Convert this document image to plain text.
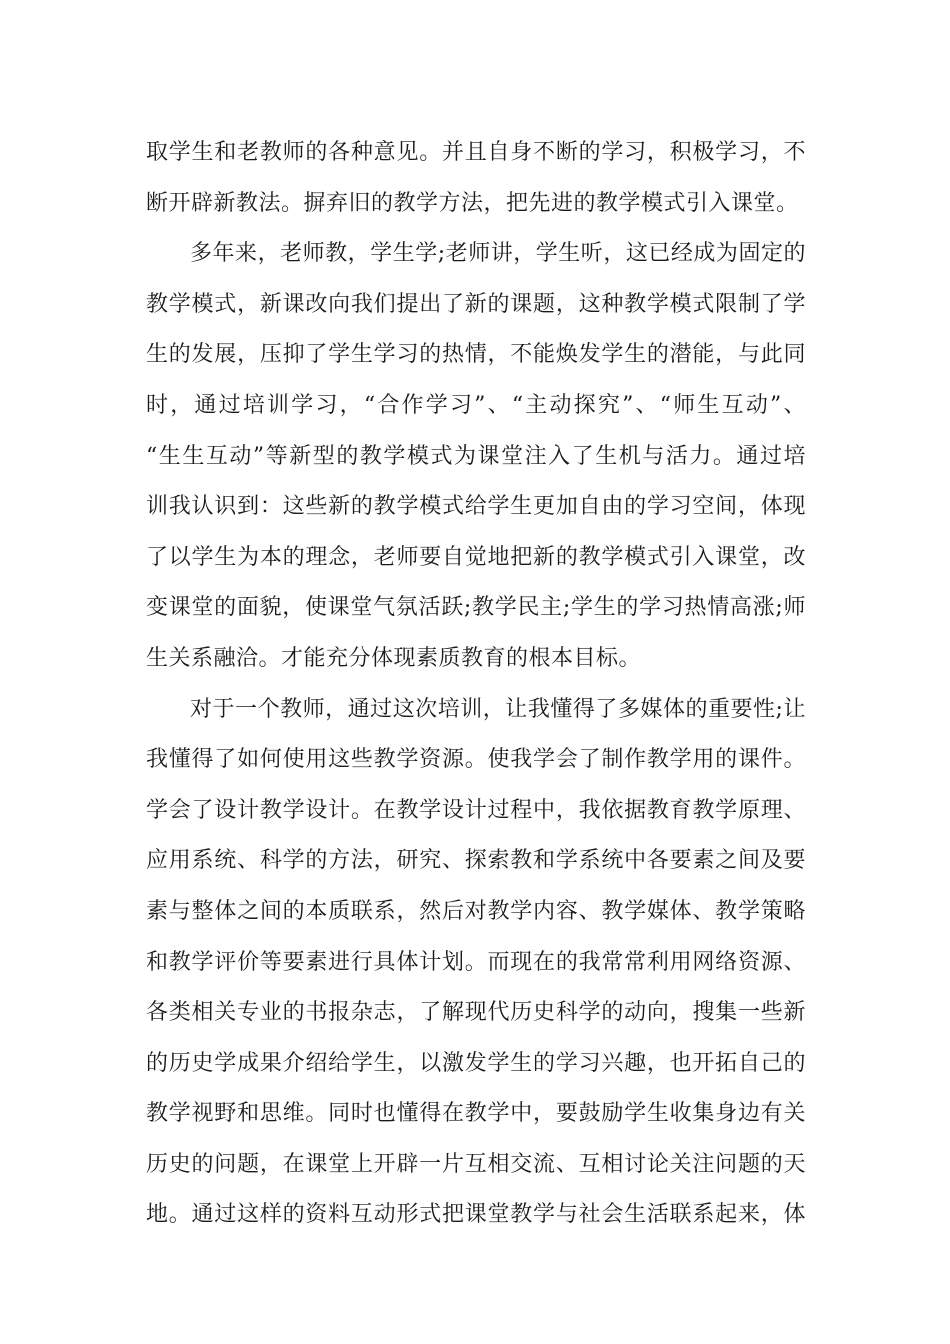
取学生和老教师的各种意见。并且自身不断的学习，积极学习，不
断开辟新教法。摒弃旧的教学方法，把先进的教学模式引入课堂。
多年来，老师教，学生学;老师讲，学生听，这已经成为固定的
教学模式，新课改向我们提出了新的课题，这种教学模式限制了学
生的发展，压抑了学生学习的热情，不能焕发学生的潜能，与此同
时，通过培训学习，“合作学习”、“主动探究”、“师生互动”、
“生生互动”等新型的教学模式为课堂注入了生机与活力。通过培
训我认识到：这些新的教学模式给学生更加自由的学习空间，体现
了以学生为本的理念，老师要自觉地把新的教学模式引入课堂，改
变课堂的面貌，使课堂气氛活跃;教学民主;学生的学习热情高涨;师
生关系融洽。才能充分体现素质教育的根本目标。
对于一个教师，通过这次培训，让我懂得了多媒体的重要性;让
我懂得了如何使用这些教学资源。使我学会了制作教学用的课件。
学会了设计教学设计。在教学设计过程中，我依据教育教学原理、
应用系统、科学的方法，研究、探索教和学系统中各要素之间及要
素与整体之间的本质联系，然后对教学内容、教学媒体、教学策略
和教学评价等要素进行具体计划。而现在的我常常利用网络资源、
各类相关专业的书报杂志，了解现代历史科学的动向，搜集一些新
的历史学成果介绍给学生，以激发学生的学习兴趣，也开拓自己的
教学视野和思维。同时也懂得在教学中，要鼓励学生收集身边有关
历史的问题，在课堂上开辟一片互相交流、互相讨论关注问题的天
地。通过这样的资料互动形式把课堂教学与社会生活联系起来，体
